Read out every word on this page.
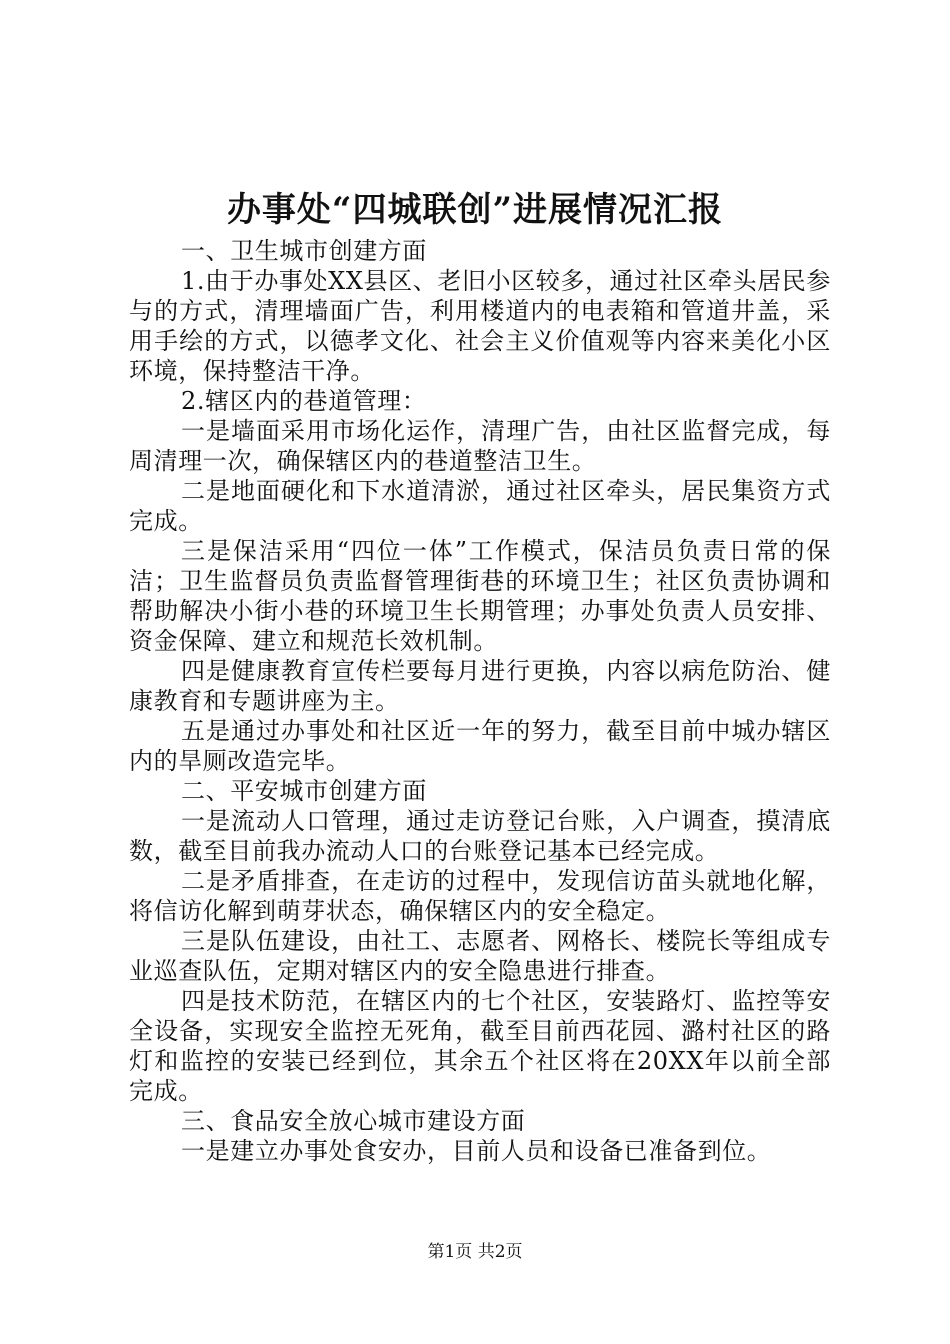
办事处“四城联创”进展情况汇报

一、卫生城市创建方面

1.由于办事处XX县区、老旧小区较多，通过社区牵头居民参与的方式，清理墙面广告，利用楼道内的电表箱和管道井盖，采用手绘的方式，以德孝文化、社会主义价值观等内容来美化小区环境，保持整洁干净。

2.辖区内的巷道管理：

一是墙面采用市场化运作，清理广告，由社区监督完成，每周清理一次，确保辖区内的巷道整洁卫生。

二是地面硬化和下水道清淤，通过社区牵头，居民集资方式完成。

三是保洁采用“四位一体”工作模式，保洁员负责日常的保洁；卫生监督员负责监督管理街巷的环境卫生；社区负责协调和帮助解决小街小巷的环境卫生长期管理；办事处负责人员安排、资金保障、建立和规范长效机制。

四是健康教育宣传栏要每月进行更换，内容以病危防治、健康教育和专题讲座为主。

五是通过办事处和社区近一年的努力，截至目前中城办辖区内的旱厕改造完毕。

二、平安城市创建方面

一是流动人口管理，通过走访登记台账，入户调查，摸清底数，截至目前我办流动人口的台账登记基本已经完成。

二是矛盾排查，在走访的过程中，发现信访苗头就地化解，将信访化解到萌芽状态，确保辖区内的安全稳定。

三是队伍建设，由社工、志愿者、网格长、楼院长等组成专业巡查队伍，定期对辖区内的安全隐患进行排查。

四是技术防范，在辖区内的七个社区，安装路灯、监控等安全设备，实现安全监控无死角，截至目前西花园、潞村社区的路灯和监控的安装已经到位，其余五个社区将在20XX年以前全部完成。

三、食品安全放心城市建设方面

一是建立办事处食安办，目前人员和设备已准备到位。

第1页 共2页
